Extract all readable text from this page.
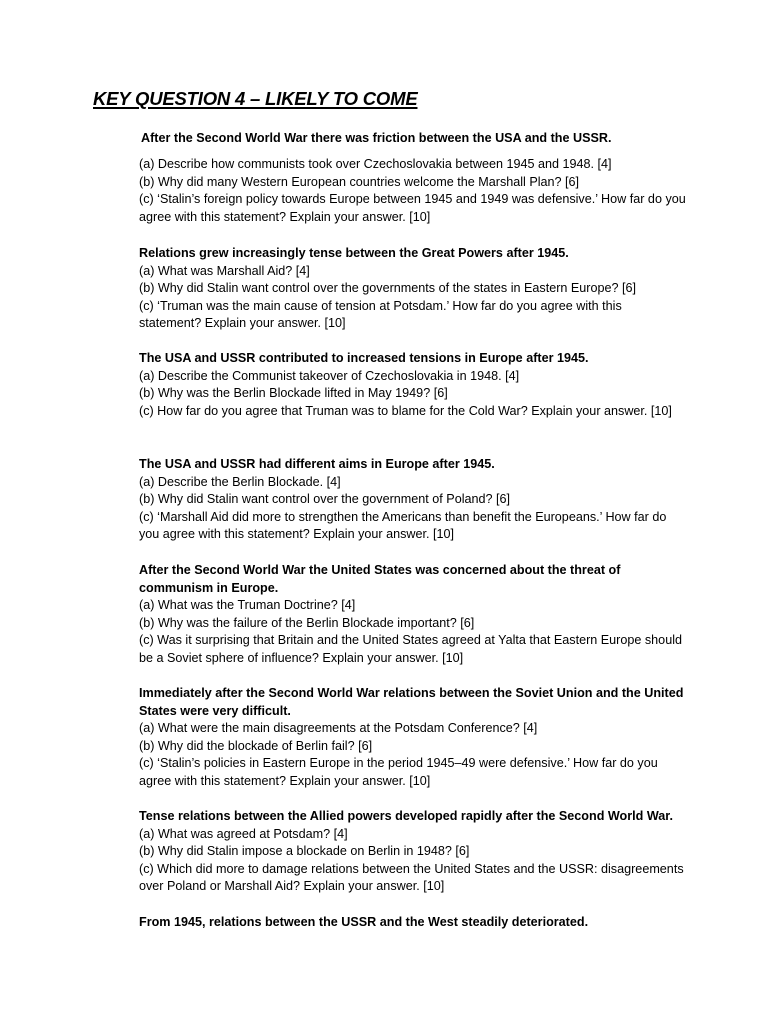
KEY QUESTION 4 – LIKELY TO COME
After the Second World War there was friction between the USA and the USSR.
(a) Describe how communists took over Czechoslovakia between 1945 and 1948. [4]
(b) Why did many Western European countries welcome the Marshall Plan? [6]
(c) ‘Stalin’s foreign policy towards Europe between 1945 and 1949 was defensive.’ How far do you agree with this statement? Explain your answer. [10]
Relations grew increasingly tense between the Great Powers after 1945.
(a) What was Marshall Aid? [4]
(b) Why did Stalin want control over the governments of the states in Eastern Europe? [6]
(c) ‘Truman was the main cause of tension at Potsdam.’ How far do you agree with this statement? Explain your answer. [10]
The USA and USSR contributed to increased tensions in Europe after 1945.
(a) Describe the Communist takeover of Czechoslovakia in 1948. [4]
(b) Why was the Berlin Blockade lifted in May 1949? [6]
(c) How far do you agree that Truman was to blame for the Cold War? Explain your answer. [10]
The USA and USSR had different aims in Europe after 1945.
(a) Describe the Berlin Blockade. [4]
(b) Why did Stalin want control over the government of Poland? [6]
(c) ‘Marshall Aid did more to strengthen the Americans than benefit the Europeans.’ How far do you agree with this statement? Explain your answer. [10]
After the Second World War the United States was concerned about the threat of communism in Europe.
(a) What was the Truman Doctrine? [4]
(b) Why was the failure of the Berlin Blockade important? [6]
(c) Was it surprising that Britain and the United States agreed at Yalta that Eastern Europe should be a Soviet sphere of influence? Explain your answer. [10]
Immediately after the Second World War relations between the Soviet Union and the United States were very difficult.
(a) What were the main disagreements at the Potsdam Conference? [4]
(b) Why did the blockade of Berlin fail? [6]
(c) ‘Stalin’s policies in Eastern Europe in the period 1945–49 were defensive.’ How far do you agree with this statement? Explain your answer. [10]
Tense relations between the Allied powers developed rapidly after the Second World War.
(a) What was agreed at Potsdam? [4]
(b) Why did Stalin impose a blockade on Berlin in 1948? [6]
(c) Which did more to damage relations between the United States and the USSR: disagreements over Poland or Marshall Aid? Explain your answer. [10]
From 1945, relations between the USSR and the West steadily deteriorated.
